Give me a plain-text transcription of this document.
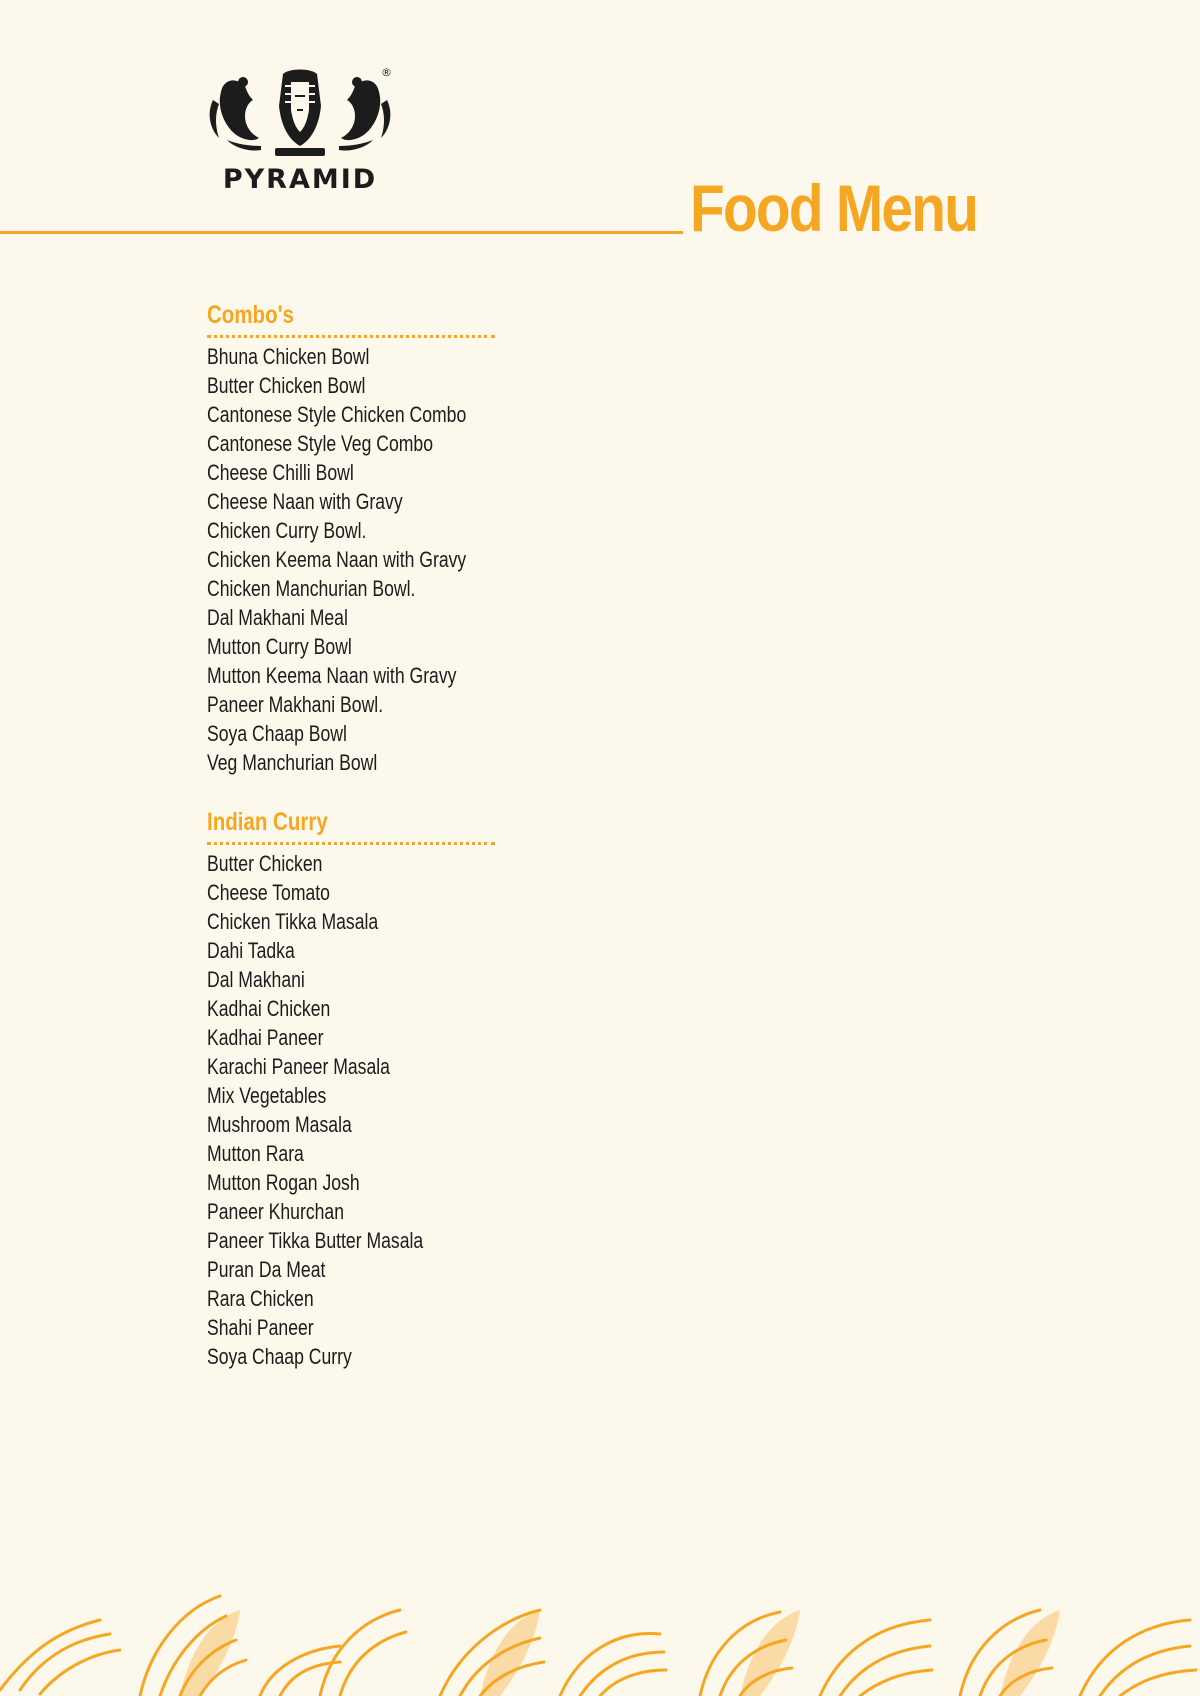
®
PYRAMID	Food Menu
Combo's
Bhuna Chicken Bowl
Butter Chicken Bowl
Cantonese Style Chicken Combo
Cantonese Style Veg Combo
Cheese Chilli Bowl
Cheese Naan with Gravy
Chicken Curry Bowl.
Chicken Keema Naan with Gravy
Chicken Manchurian Bowl.
Dal Makhani Meal
Mutton Curry Bowl
Mutton Keema Naan with Gravy
Paneer Makhani Bowl.
Soya Chaap Bowl
Veg Manchurian Bowl
Indian Curry
Butter Chicken
Cheese Tomato
Chicken Tikka Masala
Dahi Tadka
Dal Makhani
Kadhai Chicken
Kadhai Paneer
Karachi Paneer Masala
Mix Vegetables
Mushroom Masala
Mutton Rara
Mutton Rogan Josh
Paneer Khurchan
Paneer Tikka Butter Masala
Puran Da Meat
Rara Chicken
Shahi Paneer
Soya Chaap Curry
